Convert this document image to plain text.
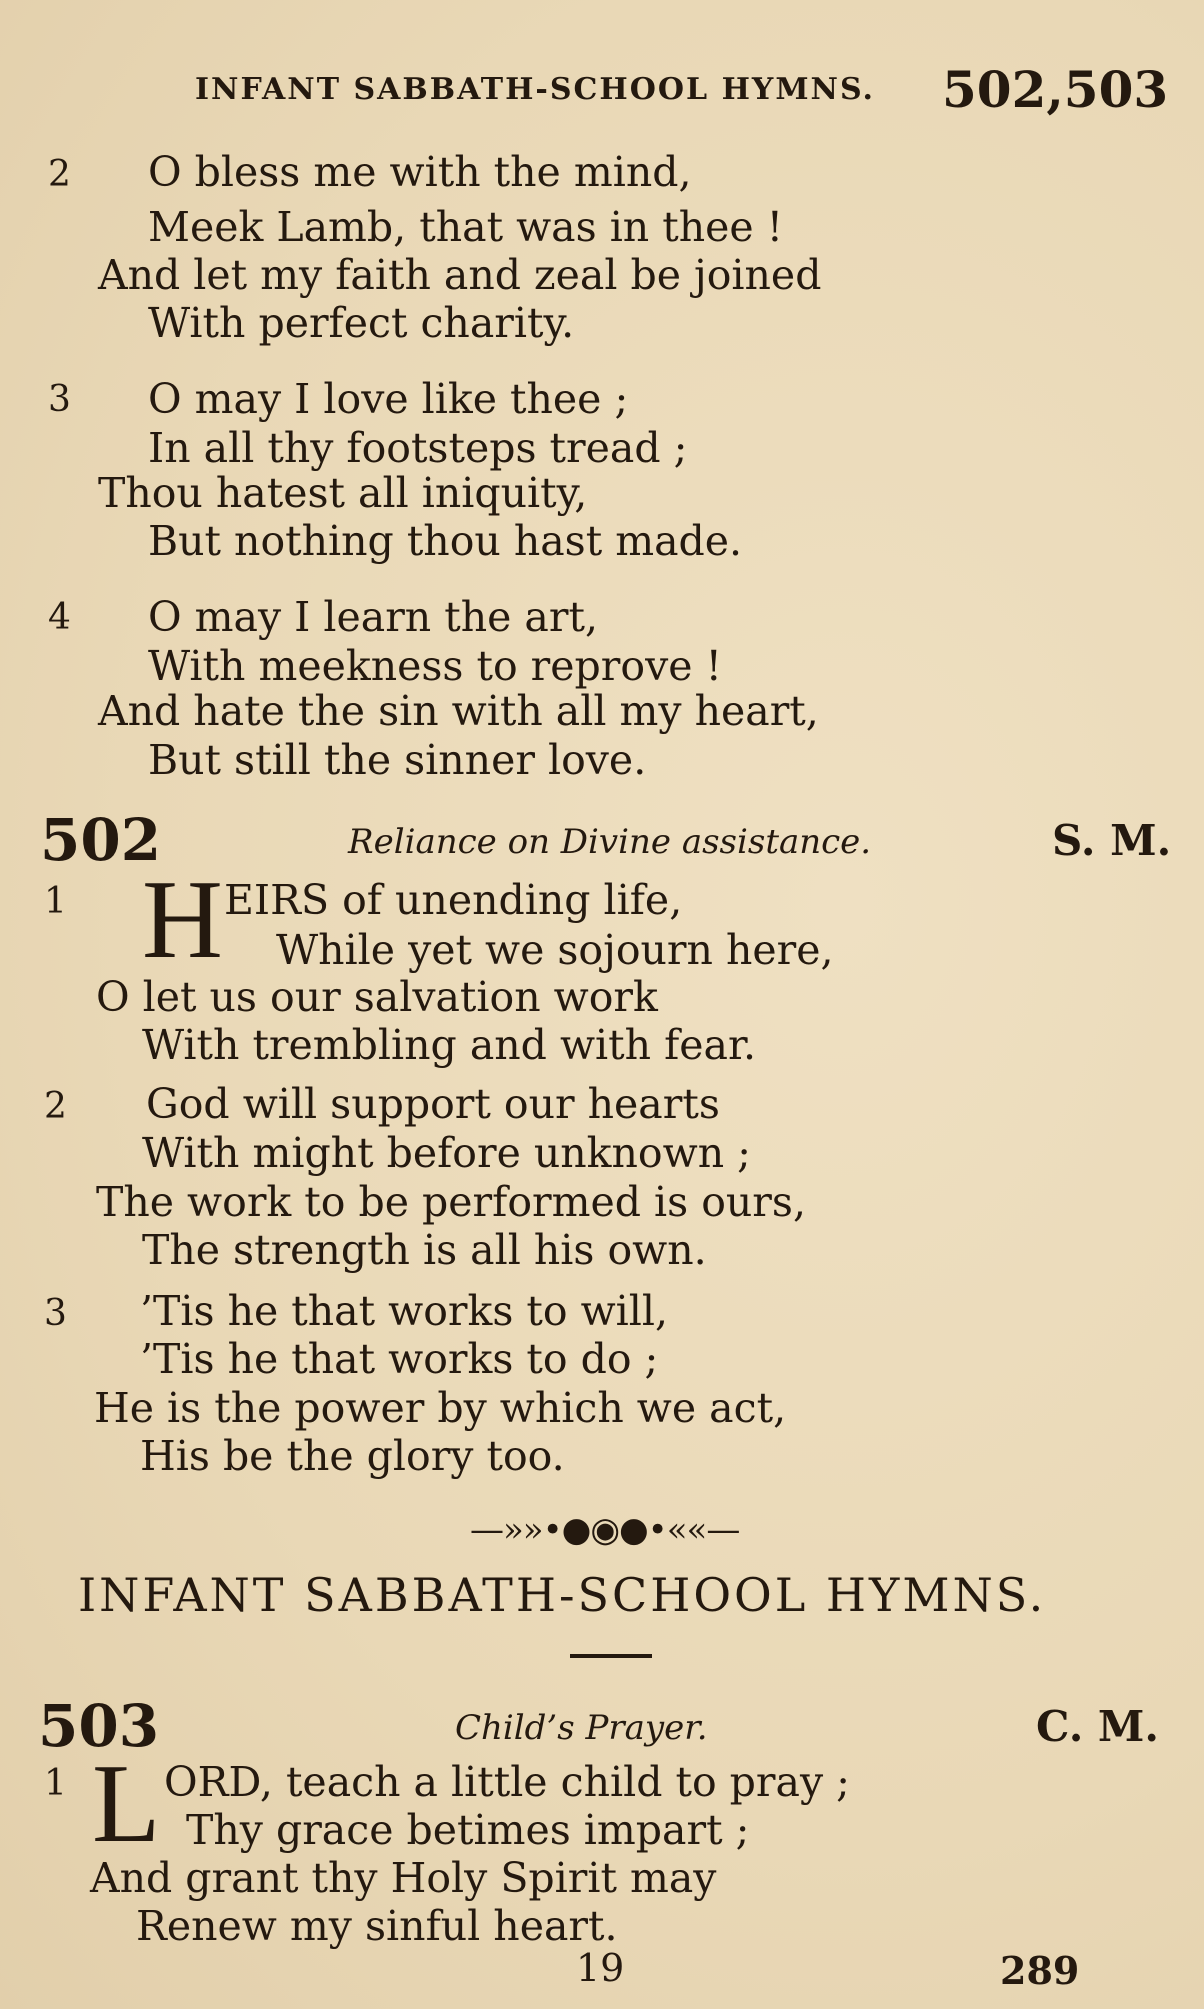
INFANT SABBATH-SCHOOL HYMNS. 502,503
2 O bless me with the mind,
Meek Lamb, that was in thee !
And let my faith and zeal be joined
With perfect charity.
3 O may I love like thee ;
In all thy footsteps tread ;
Thou hatest all iniquity,
But nothing thou hast made.
4 O may I learn the art,
With meekness to reprove !
And hate the sin with all my heart,
But still the sinner love.
502	Reliance on Divine assistance.	S. M.
1 H EIRS of unending life,
While yet we sojourn here,
O let us our salvation work
With trembling and with fear.
2 God will support our hearts
With might before unknown ;
The work to be performed is ours,
The strength is all his own.
3 ’Tis he that works to will,
’Tis he that works to do ;
He is the power by which we act,
His be the glory too.
—»»•●◉●•««—
INFANT SABBATH-SCHOOL HYMNS.
503	Child’s Prayer.	C. M.
1 L ORD, teach a little child to pray ;
Thy grace betimes impart ;
And grant thy Holy Spirit may
Renew my sinful heart.
19	289
